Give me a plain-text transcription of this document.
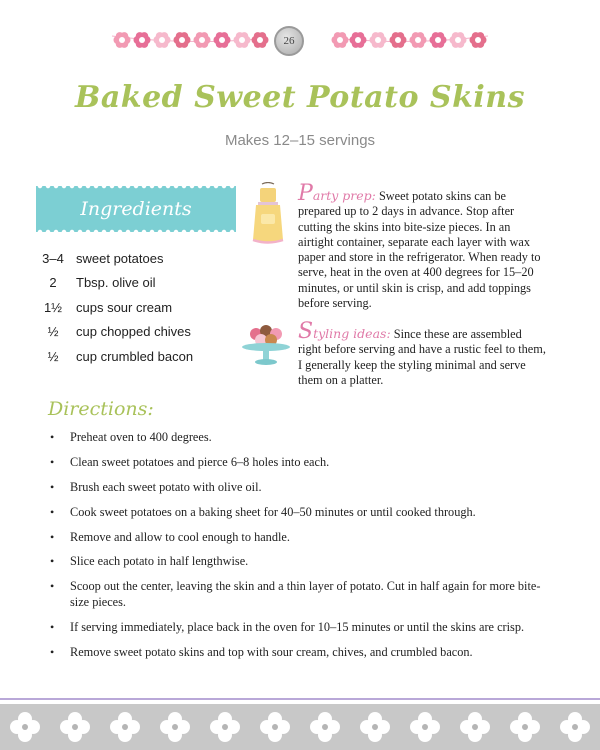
26
Baked Sweet Potato Skins
Makes 12–15 servings
Ingredients
3–4 sweet potatoes
2	Tbsp. olive oil
1½	cups sour cream
½	cup chopped chives
½	cup crumbled bacon
Party prep: Sweet potato skins can be prepared up to 2 days in advance. Stop after cutting the skins into bite-size pieces. In an airtight container, separate each layer with wax paper and store in the refrigerator. When ready to serve, heat in the oven at 400 degrees for 15–20 minutes, or until skin is crisp, and add toppings before serving.
Styling ideas: Since these are assembled right before serving and have a rustic feel to them, I generally keep the styling minimal and serve them on a platter.
Directions:
• Preheat oven to 400 degrees.
• Clean sweet potatoes and pierce 6–8 holes into each.
• Brush each sweet potato with olive oil.
• Cook sweet potatoes on a baking sheet for 40–50 minutes or until cooked through.
• Remove and allow to cool enough to handle.
• Slice each potato in half lengthwise.
• Scoop out the center, leaving the skin and a thin layer of potato. Cut in half again for more bite-size pieces.
• If serving immediately, place back in the oven for 10–15 minutes or until the skins are crisp.
• Remove sweet potato skins and top with sour cream, chives, and crumbled bacon.
